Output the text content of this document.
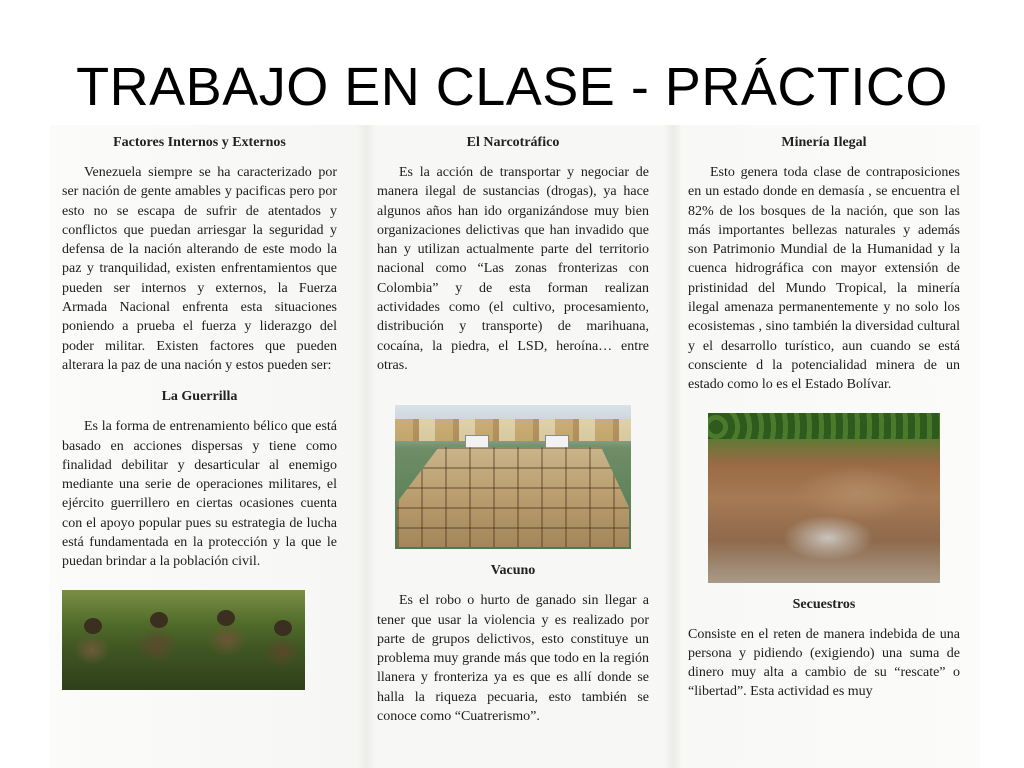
TRABAJO EN CLASE - PRÁCTICO

Factores Internos y Externos

Venezuela siempre se ha caracterizado por ser nación de gente amables y pacificas pero por esto no se escapa de sufrir de atentados y conflictos que puedan arriesgar la seguridad y defensa de la nación alterando de este modo la paz y tranquilidad, existen enfrentamientos que pueden ser internos y externos, la Fuerza Armada Nacional enfrenta esta situaciones poniendo a prueba el fuerza y liderazgo del poder militar. Existen factores que pueden alterara la paz de una nación y estos pueden ser:

La Guerrilla

Es la forma de entrenamiento bélico que está basado en acciones dispersas y tiene como finalidad debilitar y desarticular al enemigo mediante una serie de operaciones militares, el ejército guerrillero en ciertas ocasiones cuenta con el apoyo popular pues su estrategia de lucha está fundamentada en la protección y la que le puedan brindar a la población civil.

El Narcotráfico

Es la acción de transportar y negociar de manera ilegal de sustancias (drogas), ya hace algunos años han ido organizándose muy bien organizaciones delictivas que han invadido que han y utilizan actualmente parte del territorio nacional como “Las zonas fronterizas con Colombia” y de esta forman realizan actividades como (el cultivo, procesamiento, distribución y transporte) de marihuana, cocaína, la piedra, el LSD, heroína… entre otras.

Vacuno

Es el robo o hurto de ganado sin llegar a tener que usar la violencia y es realizado por parte de grupos delictivos, esto constituye un problema muy grande más que todo en la región llanera y fronteriza ya es que es allí donde se halla la riqueza pecuaria, esto también se conoce como “Cuatrerismo”.

Minería Ilegal

Esto genera toda clase de contraposiciones en un estado donde en demasía , se encuentra el 82% de los bosques de la nación, que son las más importantes bellezas naturales y además son Patrimonio Mundial de la Humanidad y la cuenca hidrográfica con mayor extensión de pristinidad del Mundo Tropical, la minería ilegal amenaza permanentemente y no solo los ecosistemas , sino también la diversidad cultural y el desarrollo turístico, aun cuando se está consciente d la potencialidad minera de un estado como lo es el Estado Bolívar.

Secuestros

Consiste en el reten de manera indebida de una persona y pidiendo (exigiendo) una suma de dinero muy alta a cambio de su “rescate” o “libertad”. Esta actividad es muy
